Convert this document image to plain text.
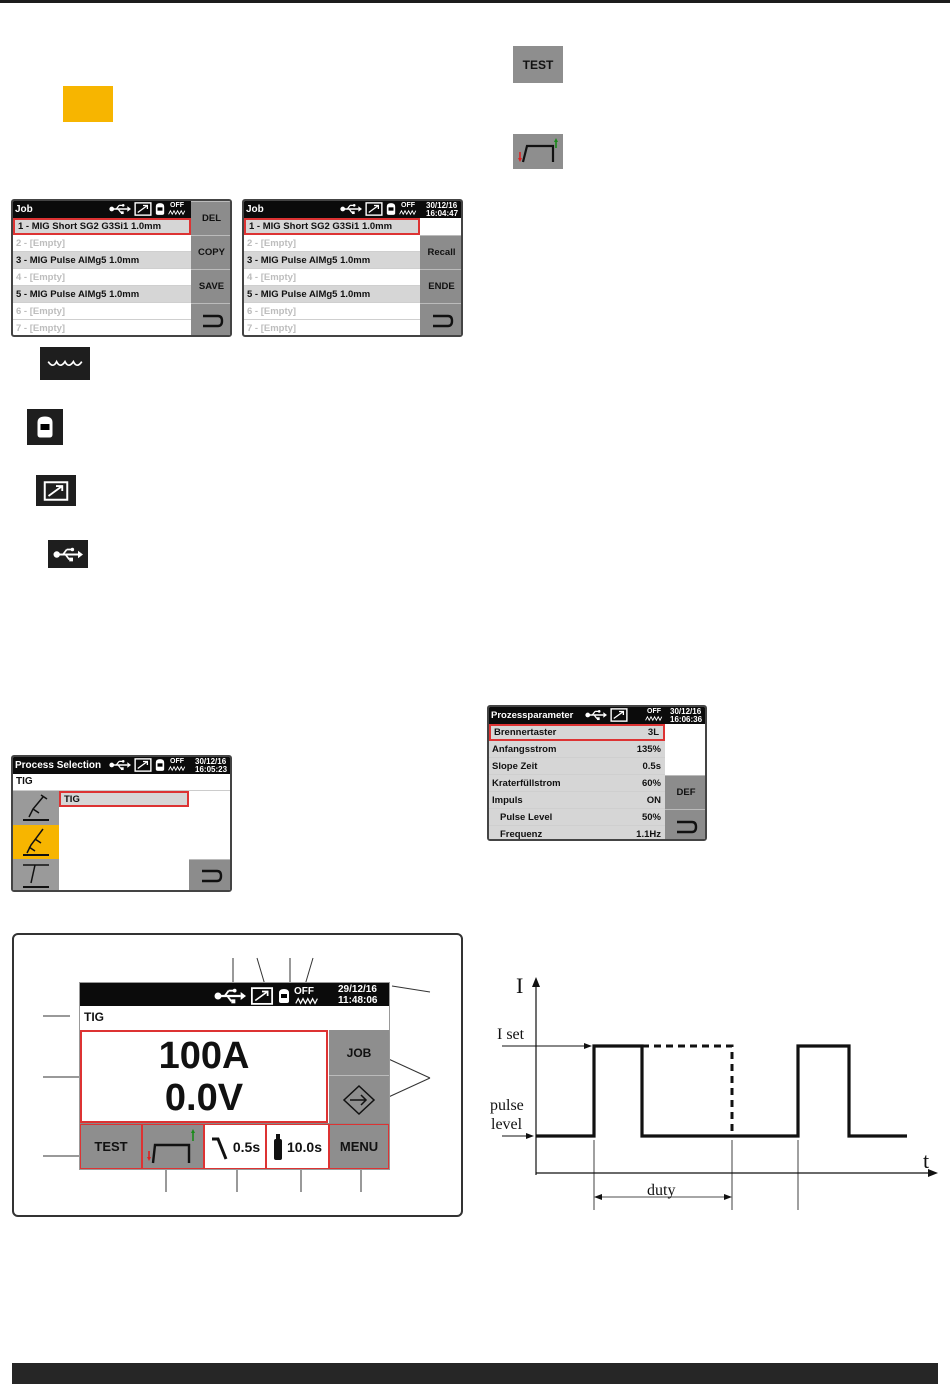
TEST
Job	OFF
1 - MIG Short SG2 G3Si1 1.0mm
2 - [Empty]
3 - MIG Pulse AlMg5 1.0mm
4 - [Empty]
5 - MIG Pulse AlMg5 1.0mm
6 - [Empty]
7 - [Empty]
DEL
COPY
SAVE
Job	OFF 30/12/16
16:04:47
1 - MIG Short SG2 G3Si1 1.0mm
2 - [Empty]
3 - MIG Pulse AlMg5 1.0mm
4 - [Empty]
5 - MIG Pulse AlMg5 1.0mm
6 - [Empty]
7 - [Empty]
Recall
ENDE
Process Selection	OFF 30/12/16
16:05:23
TIG
TIG
Prozessparameter	OFF 30/12/16
16:06:36
Brennertaster	3L
Anfangsstrom	135%
Slope Zeit	0.5s
Kraterfüllstrom	60%
Impuls	ON
Pulse Level	50%
Frequenz	1.1Hz
DEF
OFF	29/12/16
11:48:06
TIG
100A
0.0V
JOB
TEST	0.5s 10.0s	MENU
I
t
I set
pulse
level
duty
